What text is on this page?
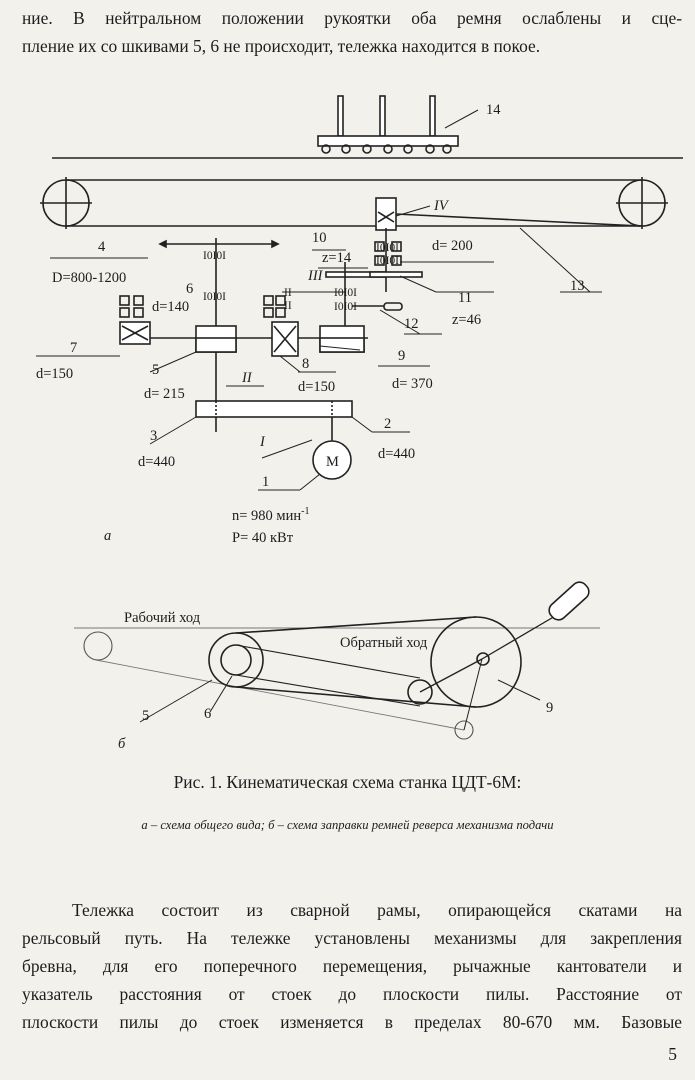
ние. В нейтральном положении рукоятки оба ремня ослаблены и сце-
пление их со шкивами 5, 6 не происходит, тележка находится в покое.
I0I0I
I0I0I
I0I0I
I0I0I
I0I0I
II
II
I0I0I
14
IV
d= 200
13
10
z=14
III
11
z=46
12
4
D=800-1200
6
d=140
7
d=150	5
d= 215
II
8
d=150
9
d= 370
3
d=440
I
2
d=440
М
1
n= 980 мин$^{-1}$
P= 40 кВт
а
Рабочий ход
Обратный ход
5	6	9
б
Рис. 1. Кинематическая схема станка ЦДТ-6М:
а – схема общего вида; б – схема заправки ремней реверса механизма подачи
Тележка состоит из сварной рамы, опирающейся скатами на
рельсовый путь. На тележке установлены механизмы для закрепления
бревна, для его поперечного перемещения, рычажные кантователи и
указатель расстояния от стоек до плоскости пилы. Расстояние от
плоскости пилы до стоек изменяется в пределах 80-670 мм. Базовые
5
